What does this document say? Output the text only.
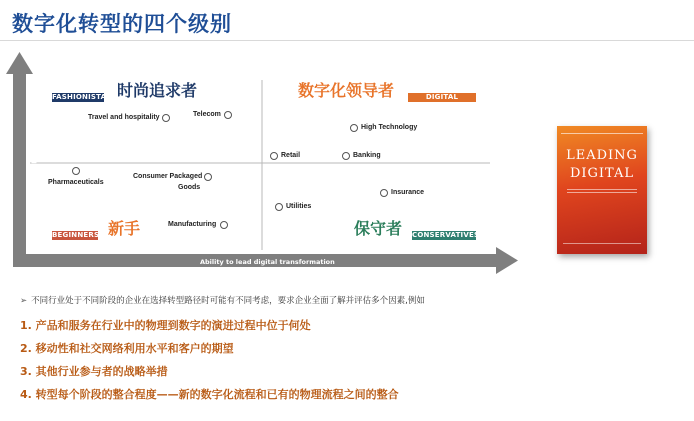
数字化转型的四个级别
Ability to invest wisely strategic priorities
Ability to lead digital transformation
时尚追求者
FASHIONISTAS	数字化领导者	DIGITAL MASTERS
新手
BEGINNERS	保守者 CONSERVATIVES
Travel and hospitality	Telecom
High Technology
Retail	Banking
Pharmaceuticals
Consumer Packaged
Goods
Insurance
Utilities
Manufacturing
LEADING
DIGITAL
➢ 不同行业处于不同阶段的企业在选择转型路径时可能有不同考虑，要求企业全面了解并评估多个因素,例如
1. 产品和服务在行业中的物理到数字的演进过程中位于何处
2. 移动性和社交网络利用水平和客户的期望
3. 其他行业参与者的战略举措
4. 转型每个阶段的整合程度——新的数字化流程和已有的物理流程之间的整合
